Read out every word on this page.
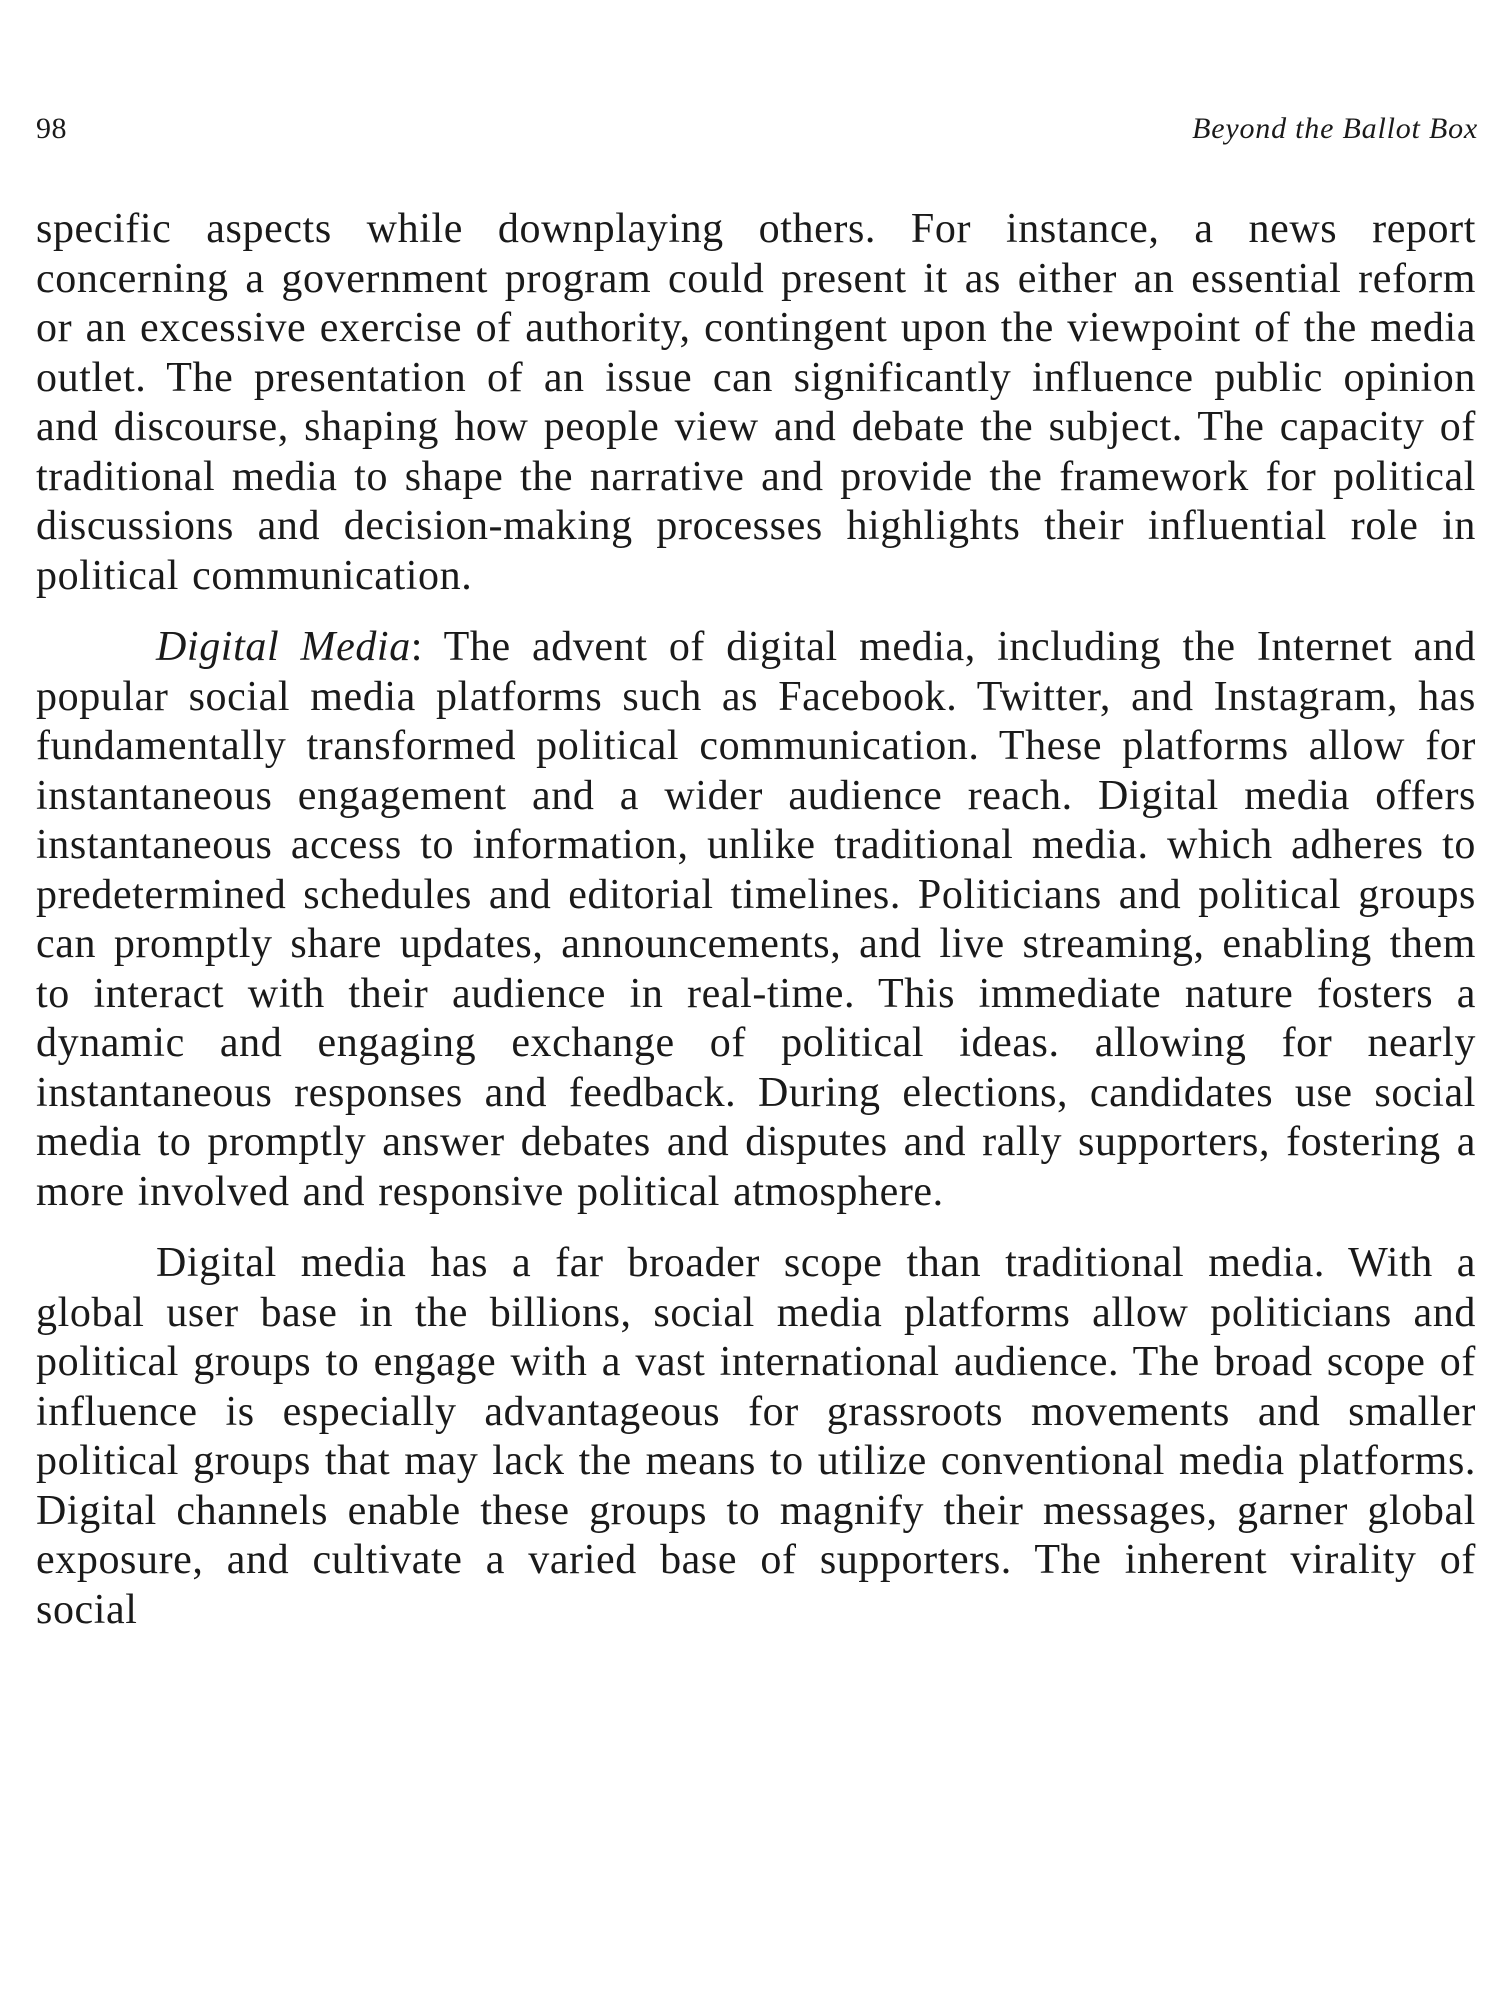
98	Beyond the Ballot Box

specific aspects while downplaying others. For instance, a news report concerning a government program could present it as either an essential reform or an excessive exercise of authority, contingent upon the viewpoint of the media outlet. The presentation of an issue can significantly influence public opinion and discourse, shaping how people view and debate the subject. The capacity of traditional media to shape the narrative and provide the framework for political discussions and decision-making processes highlights their influential role in political communication.

Digital Media: The advent of digital media, including the Internet and popular social media platforms such as Facebook. Twitter, and Instagram, has fundamentally transformed political communication. These platforms allow for instantaneous engagement and a wider audience reach. Digital media offers instantaneous access to information, unlike traditional media. which adheres to predetermined schedules and editorial timelines. Politicians and political groups can promptly share updates, announcements, and live streaming, enabling them to interact with their audience in real-time. This immediate nature fosters a dynamic and engaging exchange of political ideas. allowing for nearly instantaneous responses and feedback. During elections, candidates use social media to promptly answer debates and disputes and rally supporters, fostering a more involved and responsive political atmosphere.

Digital media has a far broader scope than traditional media. With a global user base in the billions, social media platforms allow politicians and political groups to engage with a vast international audience. The broad scope of influence is especially advantageous for grassroots movements and smaller political groups that may lack the means to utilize conventional media platforms. Digital channels enable these groups to magnify their messages, garner global exposure, and cultivate a varied base of supporters. The inherent virality of social
